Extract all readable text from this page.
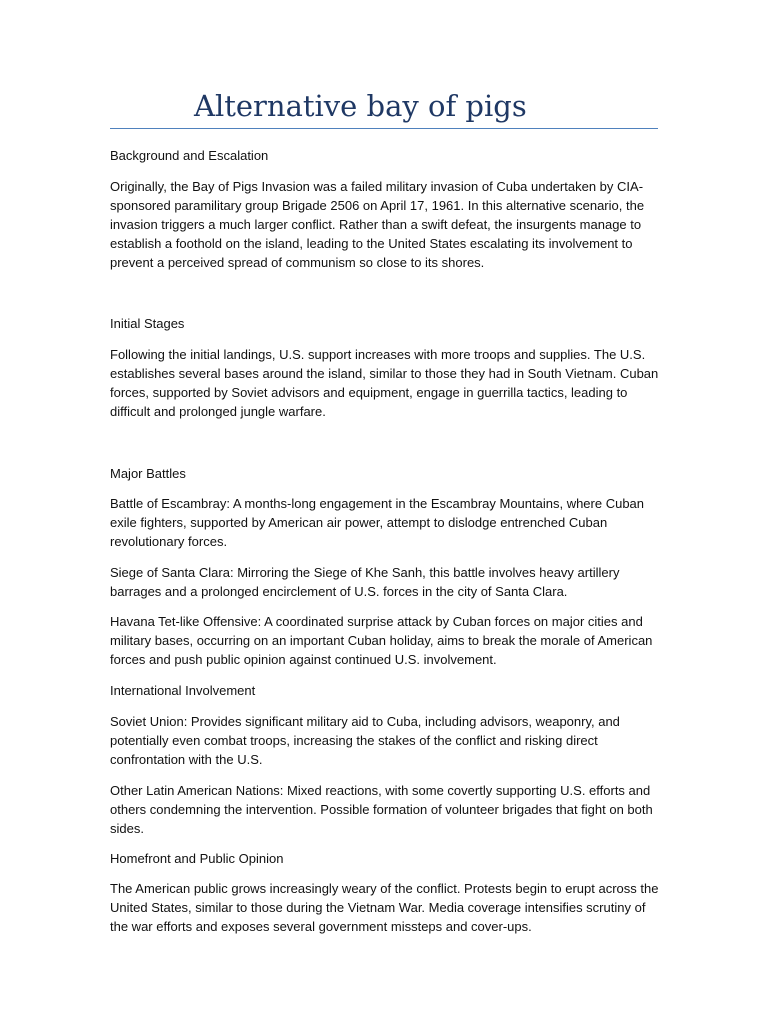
Alternative bay of pigs

Background and Escalation

Originally, the Bay of Pigs Invasion was a failed military invasion of Cuba undertaken by CIA-sponsored paramilitary group Brigade 2506 on April 17, 1961. In this alternative scenario, the invasion triggers a much larger conflict. Rather than a swift defeat, the insurgents manage to establish a foothold on the island, leading to the United States escalating its involvement to prevent a perceived spread of communism so close to its shores.

Initial Stages

Following the initial landings, U.S. support increases with more troops and supplies. The U.S. establishes several bases around the island, similar to those they had in South Vietnam. Cuban forces, supported by Soviet advisors and equipment, engage in guerrilla tactics, leading to difficult and prolonged jungle warfare.

Major Battles

Battle of Escambray: A months-long engagement in the Escambray Mountains, where Cuban exile fighters, supported by American air power, attempt to dislodge entrenched Cuban revolutionary forces.

Siege of Santa Clara: Mirroring the Siege of Khe Sanh, this battle involves heavy artillery barrages and a prolonged encirclement of U.S. forces in the city of Santa Clara.

Havana Tet-like Offensive: A coordinated surprise attack by Cuban forces on major cities and military bases, occurring on an important Cuban holiday, aims to break the morale of American forces and push public opinion against continued U.S. involvement.

International Involvement

Soviet Union: Provides significant military aid to Cuba, including advisors, weaponry, and potentially even combat troops, increasing the stakes of the conflict and risking direct confrontation with the U.S.

Other Latin American Nations: Mixed reactions, with some covertly supporting U.S. efforts and others condemning the intervention. Possible formation of volunteer brigades that fight on both sides.

Homefront and Public Opinion

The American public grows increasingly weary of the conflict. Protests begin to erupt across the United States, similar to those during the Vietnam War. Media coverage intensifies scrutiny of the war efforts and exposes several government missteps and cover-ups.
